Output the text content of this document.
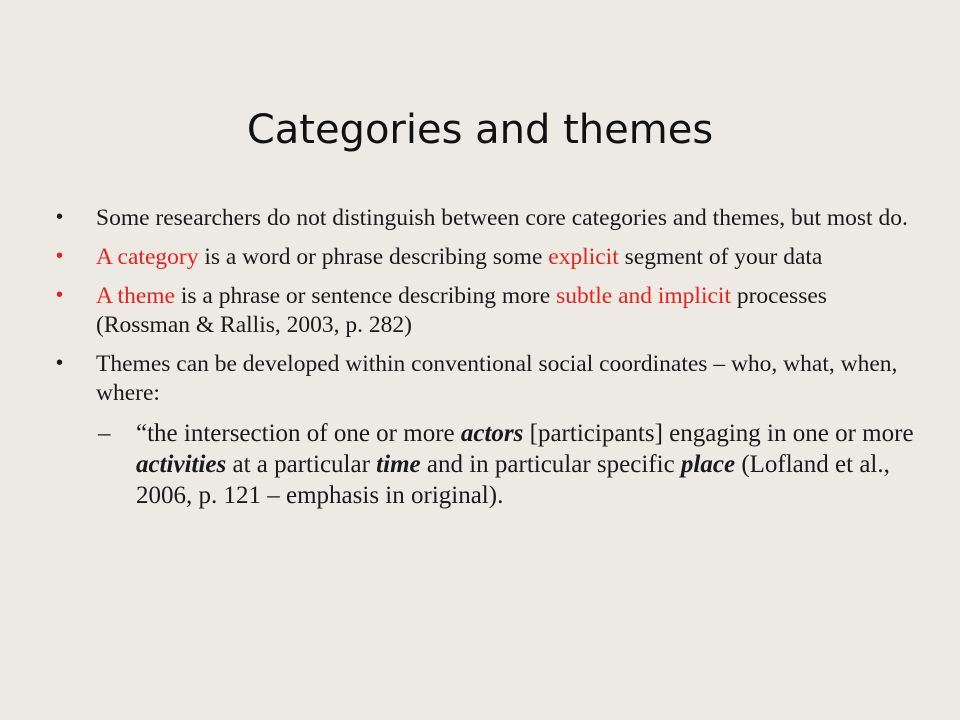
Categories and themes
• Some researchers do not distinguish between core categories and themes, but most do.
• A category is a word or phrase describing some explicit segment of your data
• A theme is a phrase or sentence describing more subtle and implicit processes (Rossman & Rallis, 2003, p. 282)
• Themes can be developed within conventional social coordinates – who, what, when, where:
– “the intersection of one or more actors [participants] engaging in one or more activities at a particular time and in particular specific place (Lofland et al., 2006, p. 121 – emphasis in original).
